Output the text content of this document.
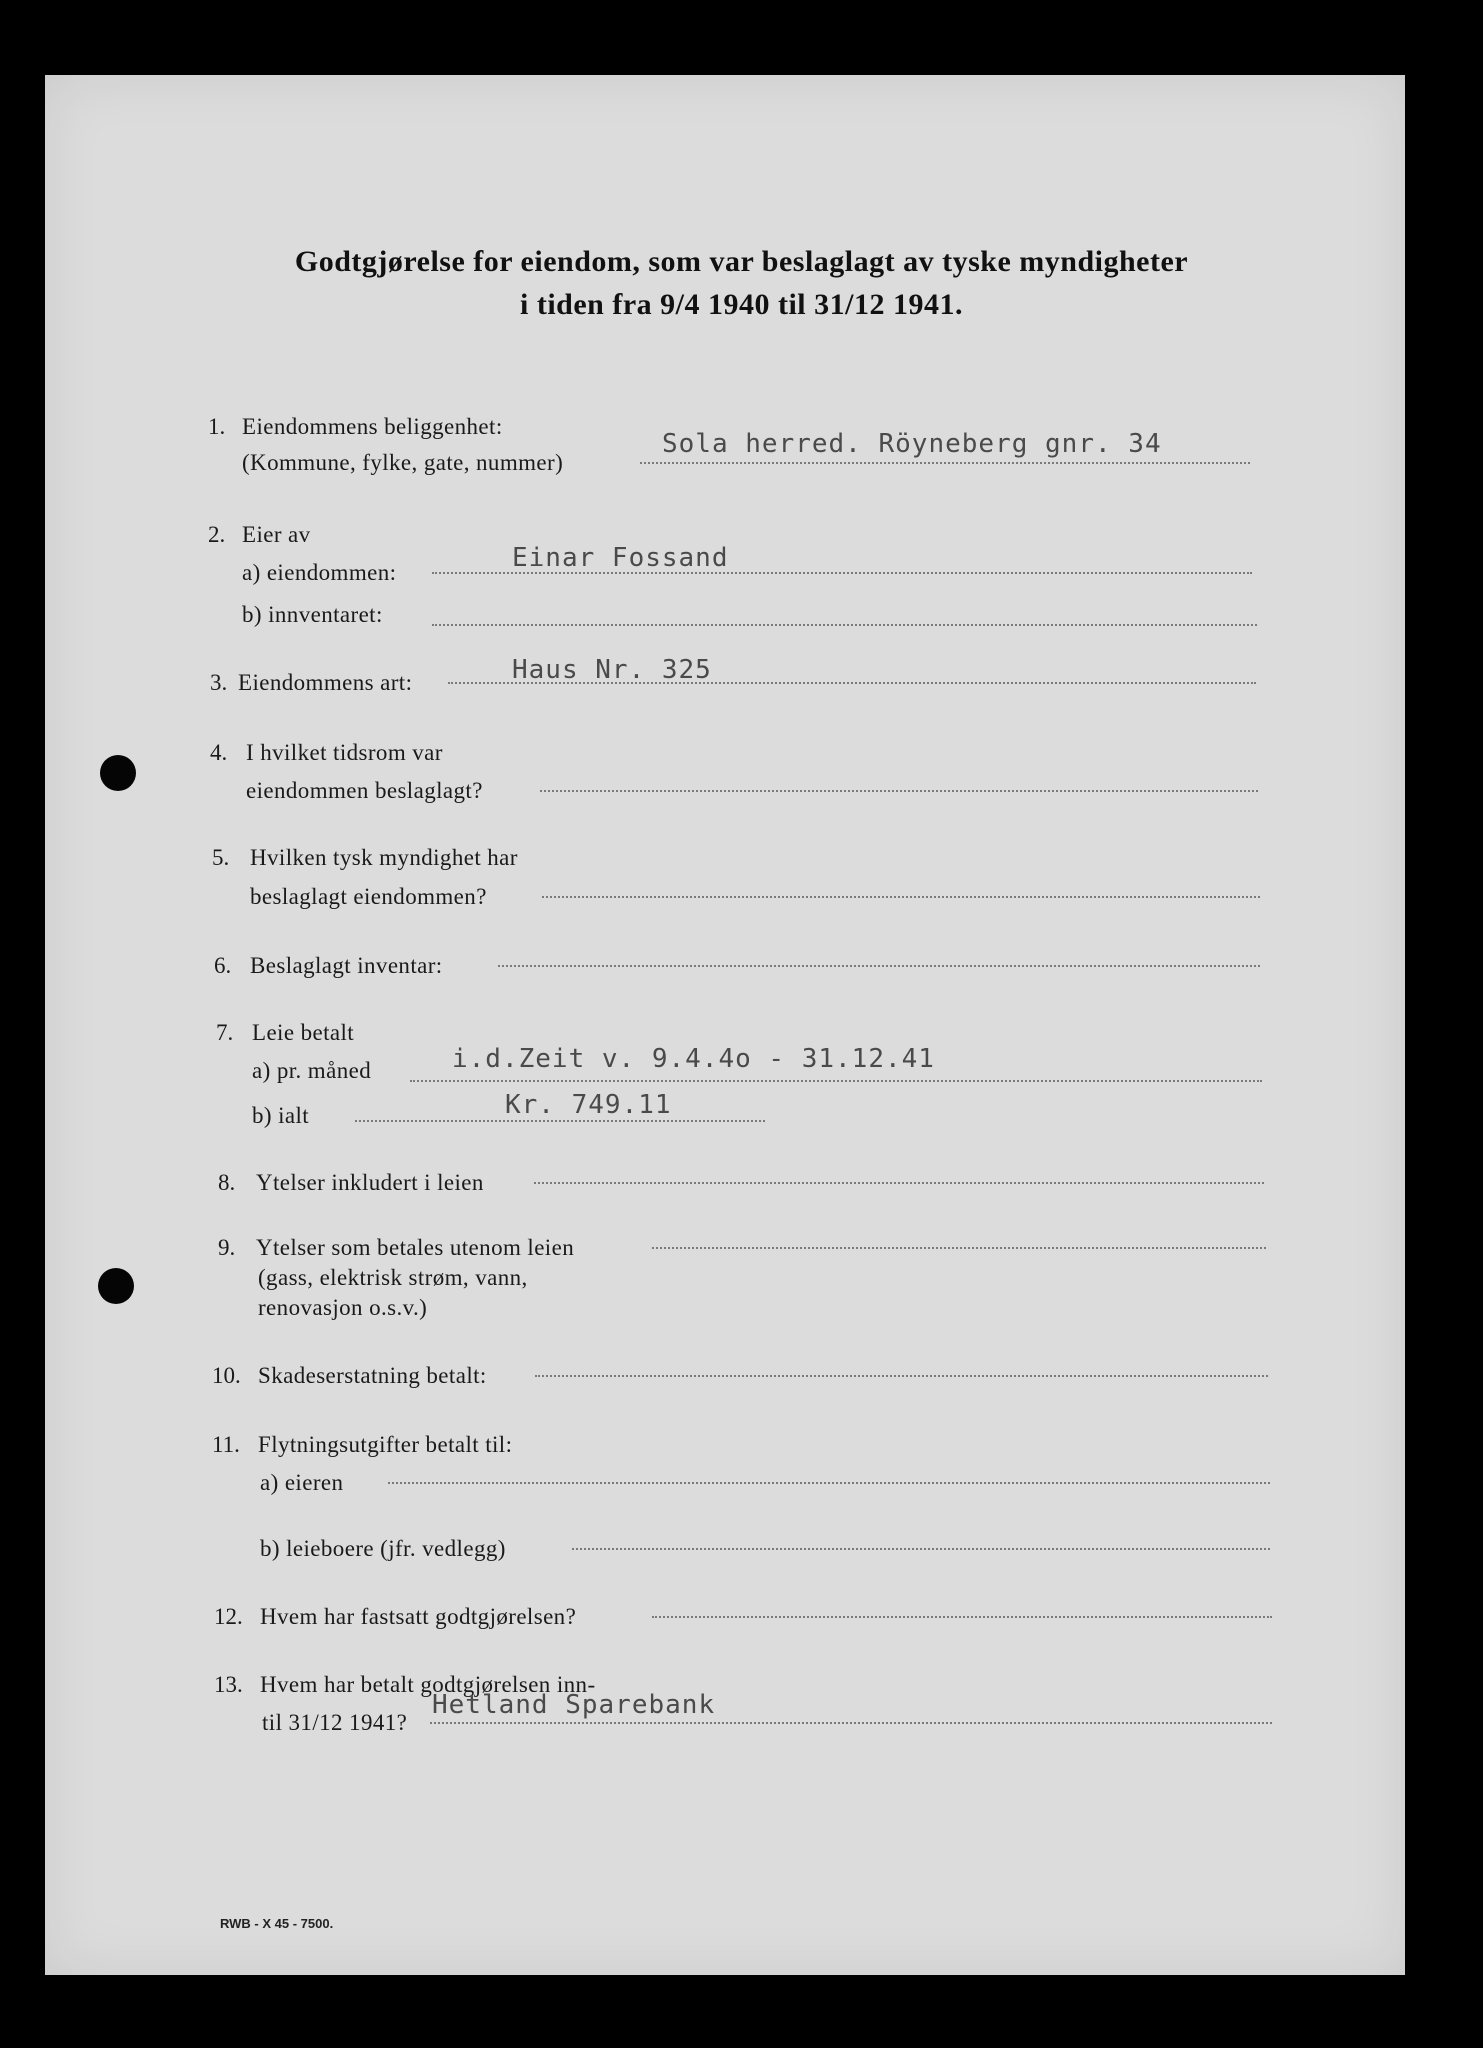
Godtgjørelse for eiendom, som var beslaglagt av tyske myndigheter
i tiden fra 9/4 1940 til 31/12 1941.
1. Eiendommens beliggenhet:
(Kommune, fylke, gate, nummer)
Sola herred. Röyneberg gnr. 34
2. Eier av
a) eiendommen:	Einar Fossand
b) innventaret:
3. Eiendommens art:	Haus Nr. 325
4. I hvilket tidsrom var
eiendommen beslaglagt?
5. Hvilken tysk myndighet har
beslaglagt eiendommen?
6. Beslaglagt inventar:
7. Leie betalt
a) pr. måned	i.d.Zeit v. 9.4.4o - 31.12.41
b) ialt	Kr. 749.11
8. Ytelser inkludert i leien
9. Ytelser som betales utenom leien
(gass, elektrisk strøm, vann,
renovasjon o.s.v.)
10. Skadeserstatning betalt:
11. Flytningsutgifter betalt til:
a) eieren
b) leieboere (jfr. vedlegg)
12. Hvem har fastsatt godtgjørelsen?
13. Hvem har betalt godtgjørelsen inn-
til 31/12 1941?
Hetland Sparebank
RWB - X 45 - 7500.
